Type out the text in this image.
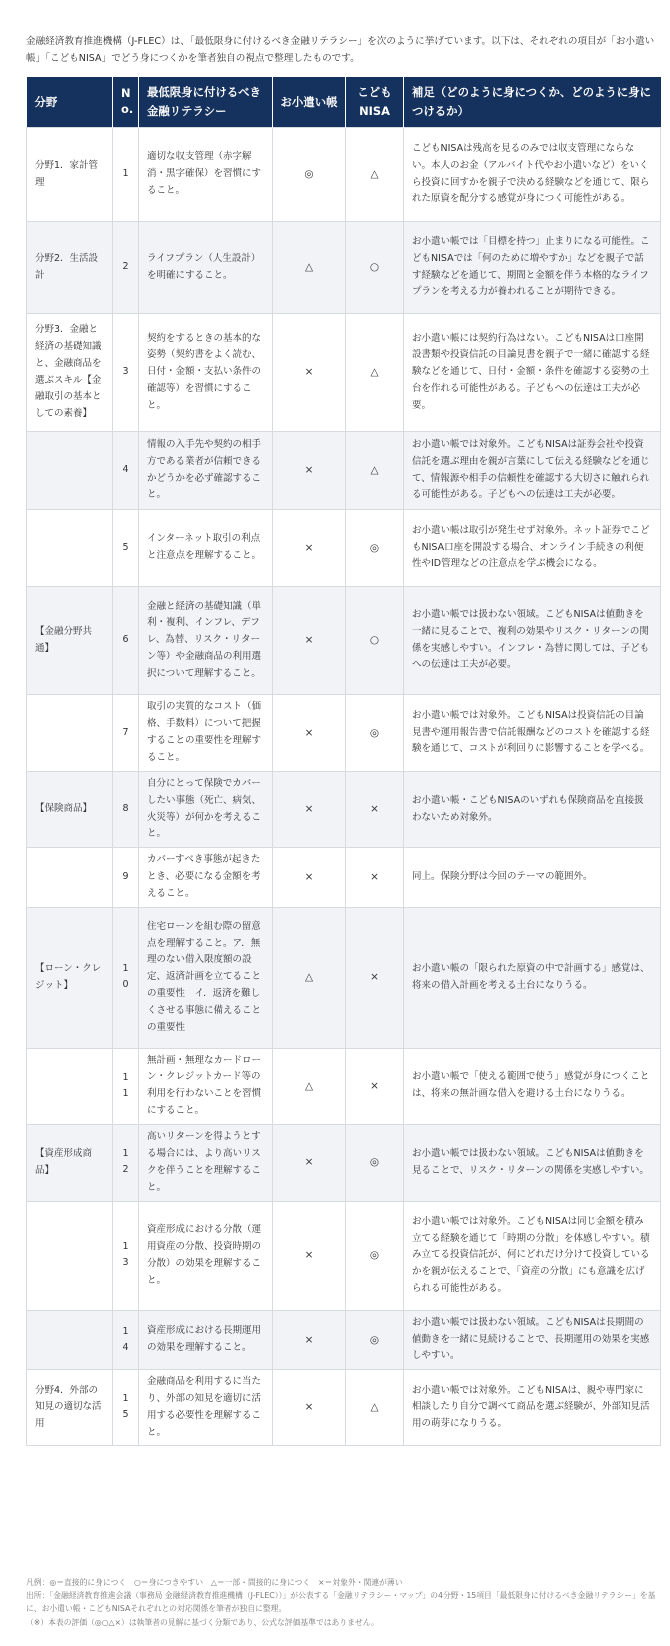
金融経済教育推進機構（J-FLEC）は、「最低限身に付けるべき金融リテラシー」を次のように挙げています。以下は、それぞれの項目が「お小遣い帳」「こどもNISA」でどう身につくかを筆者独自の視点で整理したものです。
分野	No.	最低限身に付けるべき金融リテラシー	お小遣い帳	こどもNISA	補足（どのように身につくか、どのように身につけるか）
分野1．家計管理	1	適切な収支管理（赤字解消・黒字確保）を習慣にすること。	◎	△	こどもNISAは残高を見るのみでは収支管理にならない。本人のお金（アルバイト代やお小遣いなど）をいくら投資に回すかを親子で決める経験などを通じて、限られた原資を配分する感覚が身につく可能性がある。
分野2．生活設計	2	ライフプラン（人生設計）を明確にすること。	△	○	お小遣い帳では「目標を持つ」止まりになる可能性。こどもNISAでは「何のために増やすか」などを親子で話す経験などを通じて、期間と金額を伴う本格的なライフプランを考える力が養われることが期待できる。
分野3．金融と経済の基礎知識と、金融商品を選ぶスキル【金融取引の基本としての素養】	3	契約をするときの基本的な姿勢（契約書をよく読む、日付・金額・支払い条件の確認等）を習慣にすること。	×	△	お小遣い帳には契約行為はない。こどもNISAは口座開設書類や投資信託の目論見書を親子で一緒に確認する経験などを通じて、日付・金額・条件を確認する姿勢の土台を作れる可能性がある。子どもへの伝達は工夫が必要。
	4	情報の入手先や契約の相手方である業者が信頼できるかどうかを必ず確認すること。	×	△	お小遣い帳では対象外。こどもNISAは証券会社や投資信託を選ぶ理由を親が言葉にして伝える経験などを通じて、情報源や相手の信頼性を確認する大切さに触れられる可能性がある。子どもへの伝達は工夫が必要。
	5	インターネット取引の利点と注意点を理解すること。	×	◎	お小遣い帳は取引が発生せず対象外。ネット証券でこどもNISA口座を開設する場合、オンライン手続きの利便性やID管理などの注意点を学ぶ機会になる。
【金融分野共通】	6	金融と経済の基礎知識（単利・複利、インフレ、デフレ、為替、リスク・リターン等）や金融商品の利用選択について理解すること。	×	○	お小遣い帳では扱わない領域。こどもNISAは値動きを一緒に見ることで、複利の効果やリスク・リターンの関係を実感しやすい。インフレ・為替に関しては、子どもへの伝達は工夫が必要。
	7	取引の実質的なコスト（価格、手数料）について把握することの重要性を理解すること。	×	◎	お小遣い帳では対象外。こどもNISAは投資信託の目論見書や運用報告書で信託報酬などのコストを確認する経験を通じて、コストが利回りに影響することを学べる。
【保険商品】	8	自分にとって保険でカバーしたい事態（死亡、病気、火災等）が何かを考えること。	×	×	お小遣い帳・こどもNISAのいずれも保険商品を直接扱わないため対象外。
	9	カバーすべき事態が起きたとき、必要になる金額を考えること。	×	×	同上。保険分野は今回のテーマの範囲外。
【ローン・クレジット】	10	住宅ローンを組む際の留意点を理解すること。ア．無理のない借入限度額の設定、返済計画を立てることの重要性　イ．返済を難しくさせる事態に備えることの重要性	△	×	お小遣い帳の「限られた原資の中で計画する」感覚は、将来の借入計画を考える土台になりうる。
	11	無計画・無理なカードローン・クレジットカード等の利用を行わないことを習慣にすること。	△	×	お小遣い帳で「使える範囲で使う」感覚が身につくことは、将来の無計画な借入を避ける土台になりうる。
【資産形成商品】	12	高いリターンを得ようとする場合には、より高いリスクを伴うことを理解すること。	×	◎	お小遣い帳では扱わない領域。こどもNISAは値動きを見ることで、リスク・リターンの関係を実感しやすい。
	13	資産形成における分散（運用資産の分散、投資時期の分散）の効果を理解すること。	×	◎	お小遣い帳では対象外。こどもNISAは同じ金額を積み立てる経験を通じて「時期の分散」を体感しやすい。積み立てる投資信託が、何にどれだけ分けて投資しているかを親が伝えることで、「資産の分散」にも意識を広げられる可能性がある。
	14	資産形成における長期運用の効果を理解すること。	×	◎	お小遣い帳では扱わない領域。こどもNISAは長期間の値動きを一緒に見続けることで、長期運用の効果を実感しやすい。
分野4．外部の知見の適切な活用	15	金融商品を利用するに当たり、外部の知見を適切に活用する必要性を理解すること。	×	△	お小遣い帳では対象外。こどもNISAは、親や専門家に相談したり自分で調べて商品を選ぶ経験が、外部知見活用の萌芽になりうる。
凡例：◎＝直接的に身につく　○＝身につきやすい　△＝一部・間接的に身につく　×＝対象外・関連が薄い
出所：「金融経済教育推進会議（事務局 金融経済教育推進機構（J-FLEC））」が公表する「金融リテラシー・マップ」の4分野・15項目「最低限身に付けるべき金融リテラシー」を基に、お小遣い帳・こどもNISAそれぞれとの対応関係を筆者が独自に整理。
（※）本表の評価（◎○△×）は執筆者の見解に基づく分類であり、公式な評価基準ではありません。
